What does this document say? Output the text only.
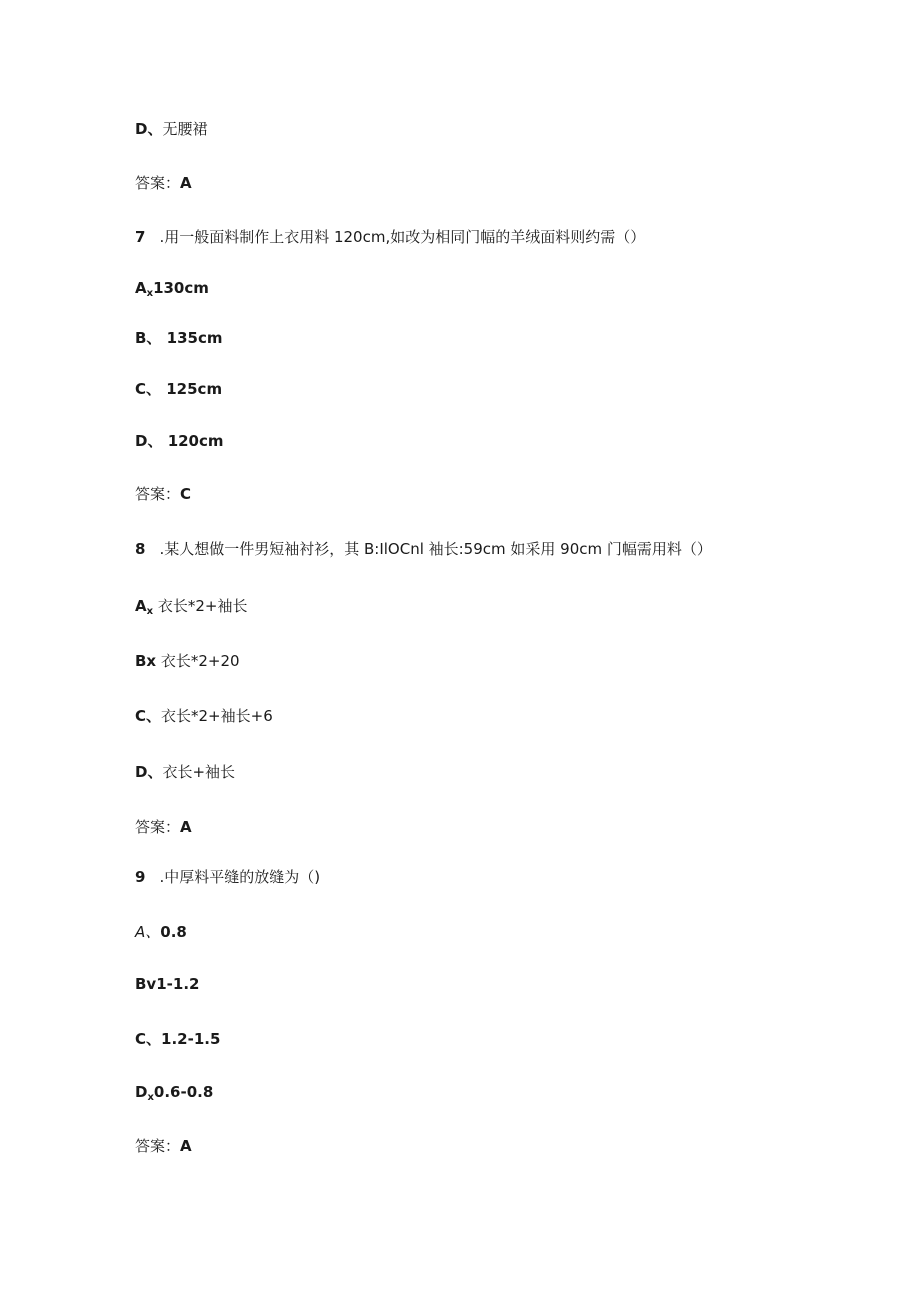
D、无腰裙
答案：A
7 .用一般面料制作上衣用料 120cm,如改为相同门幅的羊绒面料则约需（）
$A_x130cm$
B、 135cm
C、 125cm
D、 120cm
答案：C
8 .某人想做一件男短袖衬衫，其 B:IlOCnl 袖长:59cm 如采用 90cm 门幅需用料（）
$A_x$ 衣长*2+袖长
Bx 衣长*2+20
C、衣长*2+袖长+6
D、衣长+袖长
答案：A
9 .中厚料平缝的放缝为（)
A、0.8
Bv1-1.2
C、1.2-1.5
$D_x0.6-0.8$
答案：A
